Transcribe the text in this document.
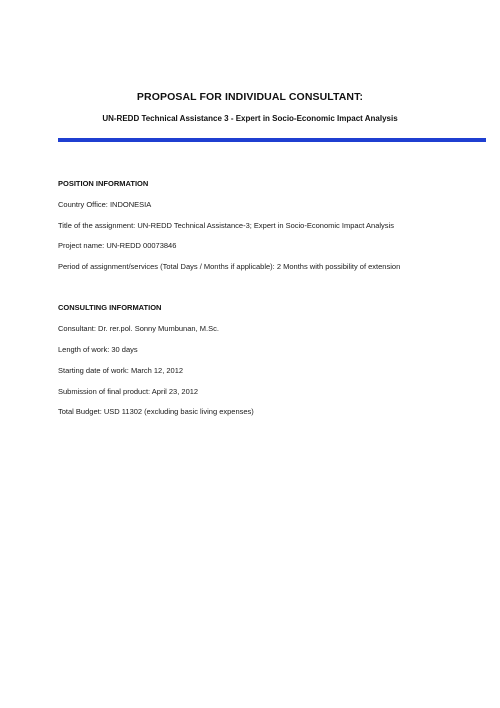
PROPOSAL FOR INDIVIDUAL CONSULTANT:
UN-REDD Technical Assistance 3 - Expert in Socio-Economic Impact Analysis
POSITION INFORMATION
Country Office: INDONESIA
Title of the assignment: UN-REDD Technical Assistance-3; Expert in Socio-Economic Impact Analysis
Project name: UN-REDD 00073846
Period of assignment/services (Total Days / Months if applicable): 2 Months with possibility of extension
CONSULTING INFORMATION
Consultant: Dr. rer.pol. Sonny Mumbunan, M.Sc.
Length of work: 30 days
Starting date of work: March 12, 2012
Submission of final product: April 23, 2012
Total Budget: USD 11302 (excluding basic living expenses)
